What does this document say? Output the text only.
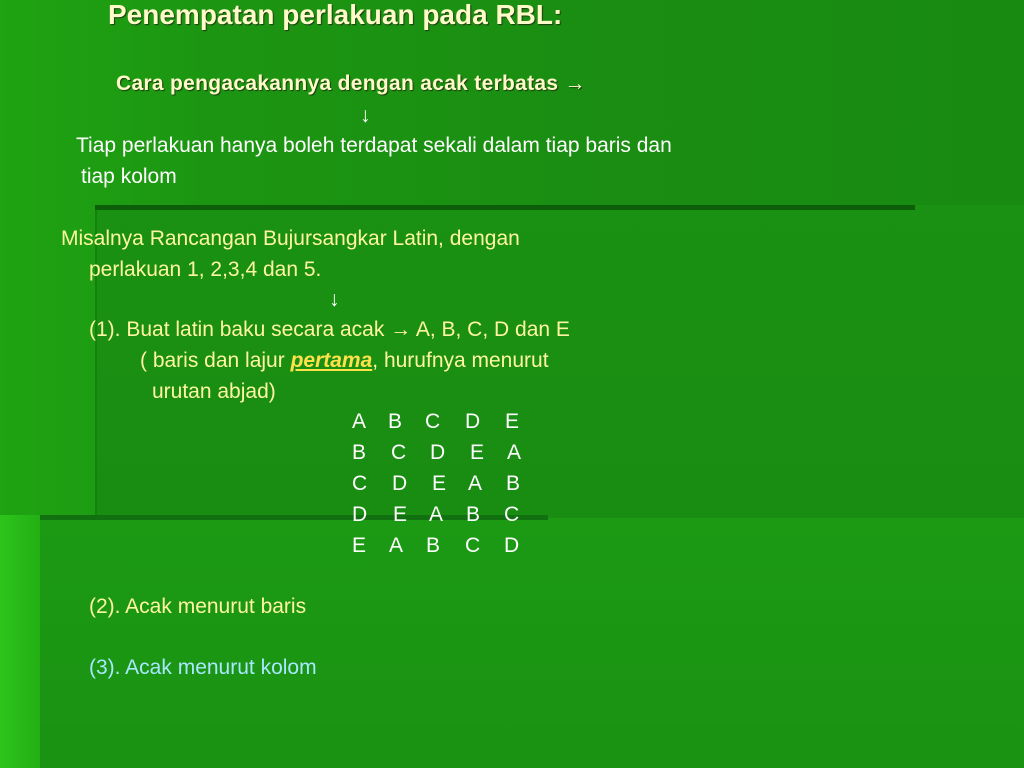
Penempatan perlakuan pada RBL:
Cara pengacakannya dengan acak terbatas →
↓
Tiap perlakuan hanya boleh terdapat sekali dalam tiap baris dan
tiap kolom
Misalnya Rancangan Bujursangkar Latin, dengan
perlakuan 1, 2,3,4 dan 5.
↓
(1). Buat latin baku secara acak → A, B, C, D dan E
( baris dan lajur pertama, hurufnya menurut
urutan abjad)
A B C D E
B C D E A
C D E A B
D E A B C
E A B C D
(2). Acak menurut baris
(3). Acak menurut kolom
